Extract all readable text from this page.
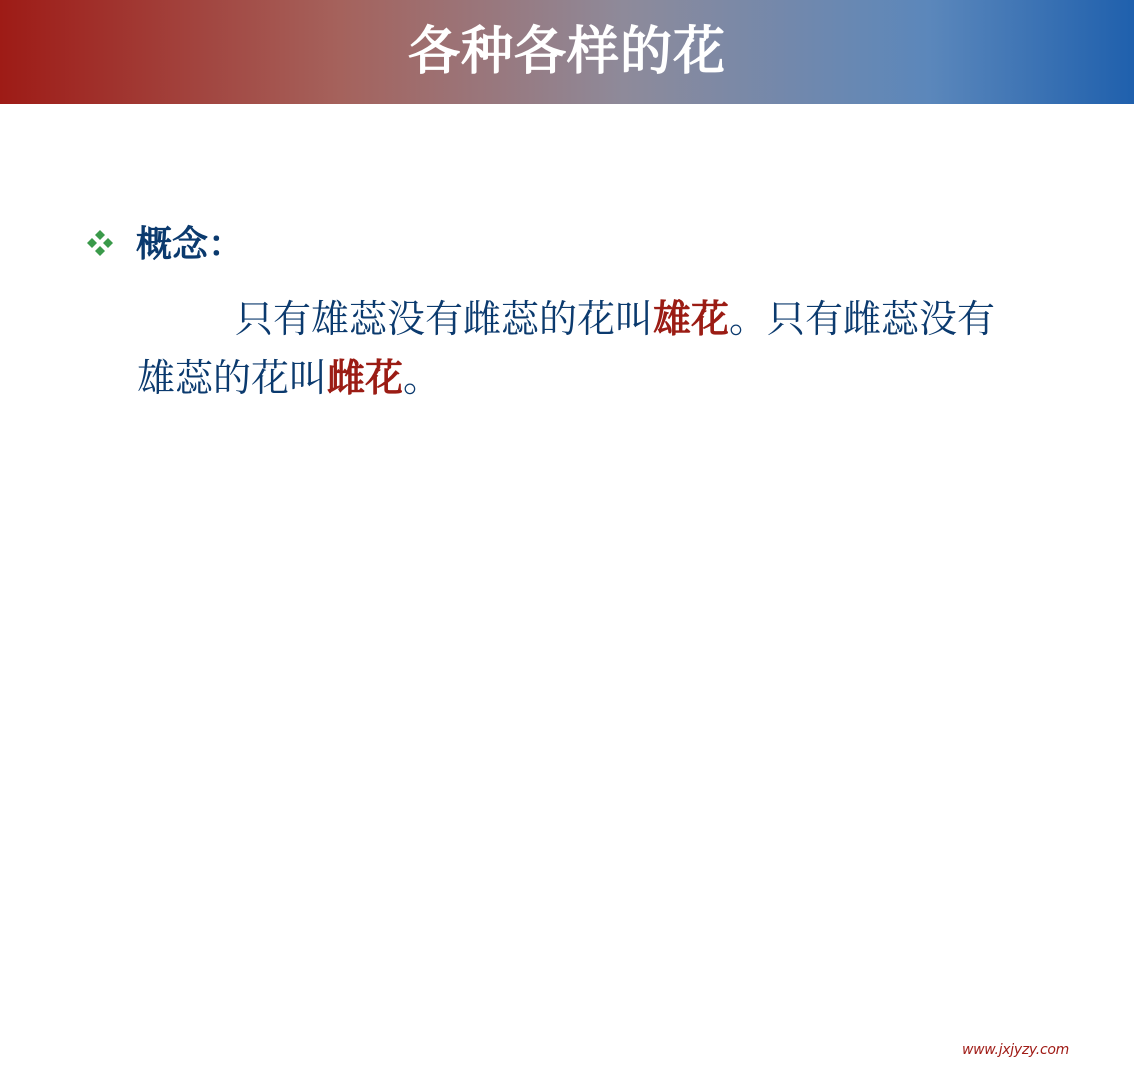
各种各样的花
概念：

只有雄蕊没有雌蕊的花叫雄花。只有雌蕊没有雄蕊的花叫雌花。

www.jxjyzy.com
